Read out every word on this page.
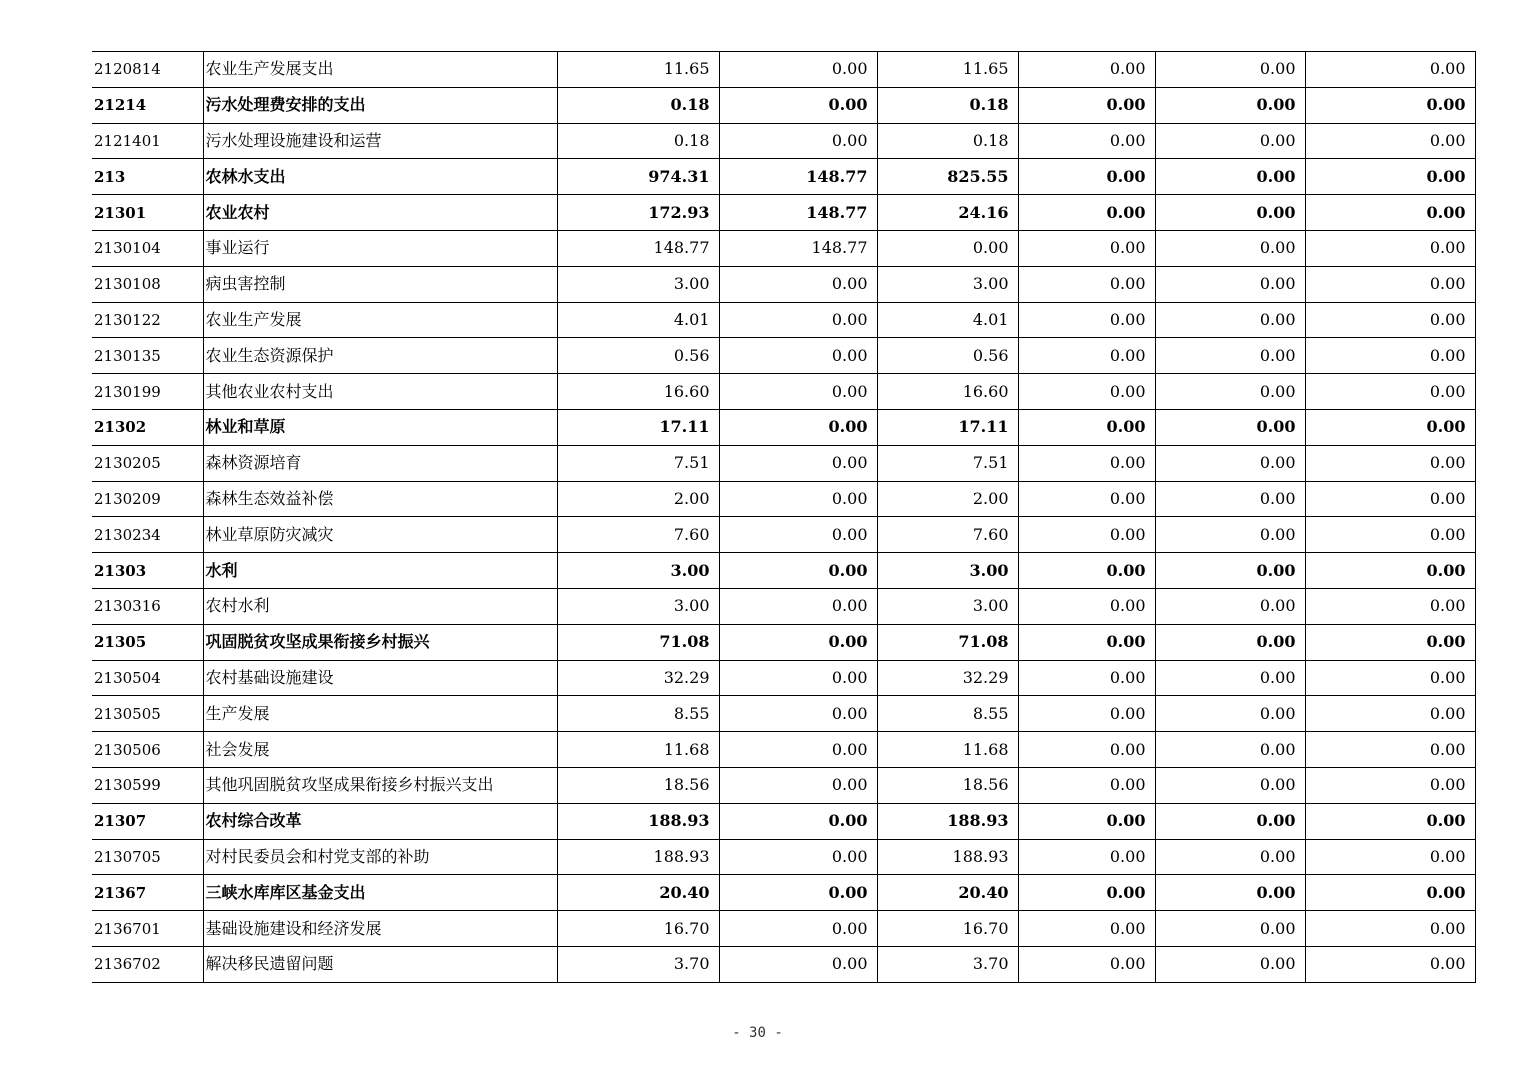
2120814	农业生产发展支出	11.65	0.00	11.65	0.00	0.00	0.00
21214	污水处理费安排的支出	0.18	0.00	0.18	0.00	0.00	0.00
2121401	污水处理设施建设和运营	0.18	0.00	0.18	0.00	0.00	0.00
213	农林水支出	974.31	148.77	825.55	0.00	0.00	0.00
21301	农业农村	172.93	148.77	24.16	0.00	0.00	0.00
2130104	事业运行	148.77	148.77	0.00	0.00	0.00	0.00
2130108	病虫害控制	3.00	0.00	3.00	0.00	0.00	0.00
2130122	农业生产发展	4.01	0.00	4.01	0.00	0.00	0.00
2130135	农业生态资源保护	0.56	0.00	0.56	0.00	0.00	0.00
2130199	其他农业农村支出	16.60	0.00	16.60	0.00	0.00	0.00
21302	林业和草原	17.11	0.00	17.11	0.00	0.00	0.00
2130205	森林资源培育	7.51	0.00	7.51	0.00	0.00	0.00
2130209	森林生态效益补偿	2.00	0.00	2.00	0.00	0.00	0.00
2130234	林业草原防灾减灾	7.60	0.00	7.60	0.00	0.00	0.00
21303	水利	3.00	0.00	3.00	0.00	0.00	0.00
2130316	农村水利	3.00	0.00	3.00	0.00	0.00	0.00
21305	巩固脱贫攻坚成果衔接乡村振兴	71.08	0.00	71.08	0.00	0.00	0.00
2130504	农村基础设施建设	32.29	0.00	32.29	0.00	0.00	0.00
2130505	生产发展	8.55	0.00	8.55	0.00	0.00	0.00
2130506	社会发展	11.68	0.00	11.68	0.00	0.00	0.00
2130599	其他巩固脱贫攻坚成果衔接乡村振兴支出	18.56	0.00	18.56	0.00	0.00	0.00
21307	农村综合改革	188.93	0.00	188.93	0.00	0.00	0.00
2130705	对村民委员会和村党支部的补助	188.93	0.00	188.93	0.00	0.00	0.00
21367	三峡水库库区基金支出	20.40	0.00	20.40	0.00	0.00	0.00
2136701	基础设施建设和经济发展	16.70	0.00	16.70	0.00	0.00	0.00
2136702	解决移民遗留问题	3.70	0.00	3.70	0.00	0.00	0.00
- 30 -
